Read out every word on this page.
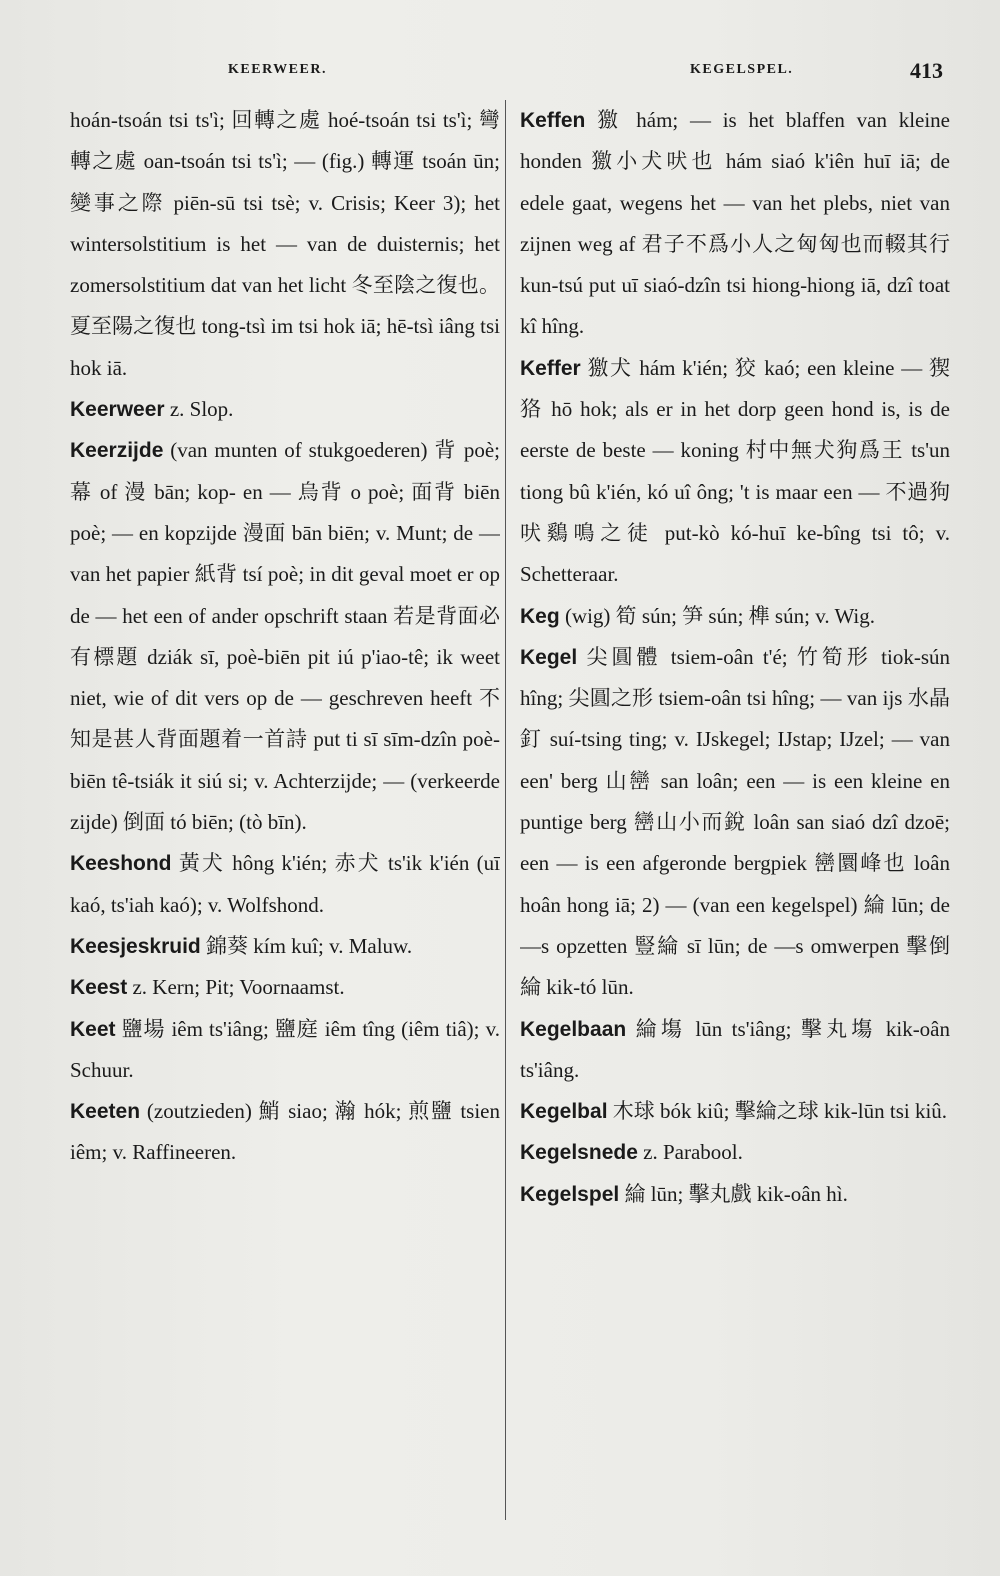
KEERWEER.	KEGELSPEL.	413

hoán-tsoán tsi ts'ì; 回轉之處 hoé-tsoán tsi ts'ì; 彎轉之處 oan-tsoán tsi ts'ì; — (fig.) 轉運 tsoán ūn; 變事之際 piēn-sū tsi tsè; v. Crisis; Keer 3); het wintersolstitium is het — van de duisternis; het zomersolstitium dat van het licht 冬至陰之復也。夏至陽之復也 tong-tsì im tsi hok iā; hē-tsì iâng tsi hok iā.

Keerweer z. Slop.

Keerzijde (van munten of stukgoederen) 背 poè; 幕 of 漫 bān; kop- en — 烏背 o poè; 面背 biēn poè; — en kopzijde 漫面 bān biēn; v. Munt; de — van het papier 紙背 tsí poè; in dit geval moet er op de — het een of ander opschrift staan 若是背面必有標題 dziák sī, poè-biēn pit iú p'iao-tê; ik weet niet, wie of dit vers op de — geschreven heeft 不知是甚人背面題着一首詩 put ti sī sīm-dzîn poè-biēn tê-tsiák it siú si; v. Achterzijde; — (verkeerde zijde) 倒面 tó biēn; (tò bīn).

Keeshond 黃犬 hông k'ién; 赤犬 ts'ik k'ién (uī kaó, ts'iah kaó); v. Wolfshond.

Keesjeskruid 錦葵 kím kuî; v. Maluw.

Keest z. Kern; Pit; Voornaamst.

Keet 鹽場 iêm ts'iâng; 鹽庭 iêm tîng (iêm tiâ); v. Schuur.

Keeten (zoutzieden) 鮹 siao; 瀚 hók; 煎鹽 tsien iêm; v. Raffineeren.

Keffen 獥 hám; — is het blaffen van kleine honden 獥小犬吠也 hám siaó k'iên huī iā; de edele gaat, wegens het — van het plebs, niet van zijnen weg af 君子不爲小人之匈匈也而輟其行 kun-tsú put uī siaó-dzîn tsi hiong-hiong iā, dzî toat kî hîng.

Keffer 獥犬 hám k'ién; 狡 kaó; een kleine — 猰狢 hō hok; als er in het dorp geen hond is, is de eerste de beste — koning 村中無犬狗爲王 ts'un tiong bû k'ién, kó uî ông; 't is maar een — 不過狗吠鷄鳴之徒 put-kò kó-huī ke-bîng tsi tô; v. Schetteraar.

Keg (wig) 筍 sún; 笋 sún; 榫 sún; v. Wig.

Kegel 尖圓體 tsiem-oân t'é; 竹筍形 tiok-sún hîng; 尖圓之形 tsiem-oân tsi hîng; — van ijs 水晶釘 suí-tsing ting; v. IJskegel; IJstap; IJzel; — van een' berg 山巒 san loân; een — is een kleine en puntige berg 巒山小而銳 loân san siaó dzî dzoē; een — is een afgeronde bergpiek 巒圜峰也 loân hoân hong iā; 2) — (van een kegelspel) 綸 lūn; de —s opzetten 豎綸 sī lūn; de —s omwerpen 擊倒綸 kik-tó lūn.

Kegelbaan 綸塲 lūn ts'iâng; 擊丸塲 kik-oân ts'iâng.

Kegelbal 木球 bók kiû; 擊綸之球 kik-lūn tsi kiû.

Kegelsnede z. Parabool.

Kegelspel 綸 lūn; 擊丸戲 kik-oân hì.
